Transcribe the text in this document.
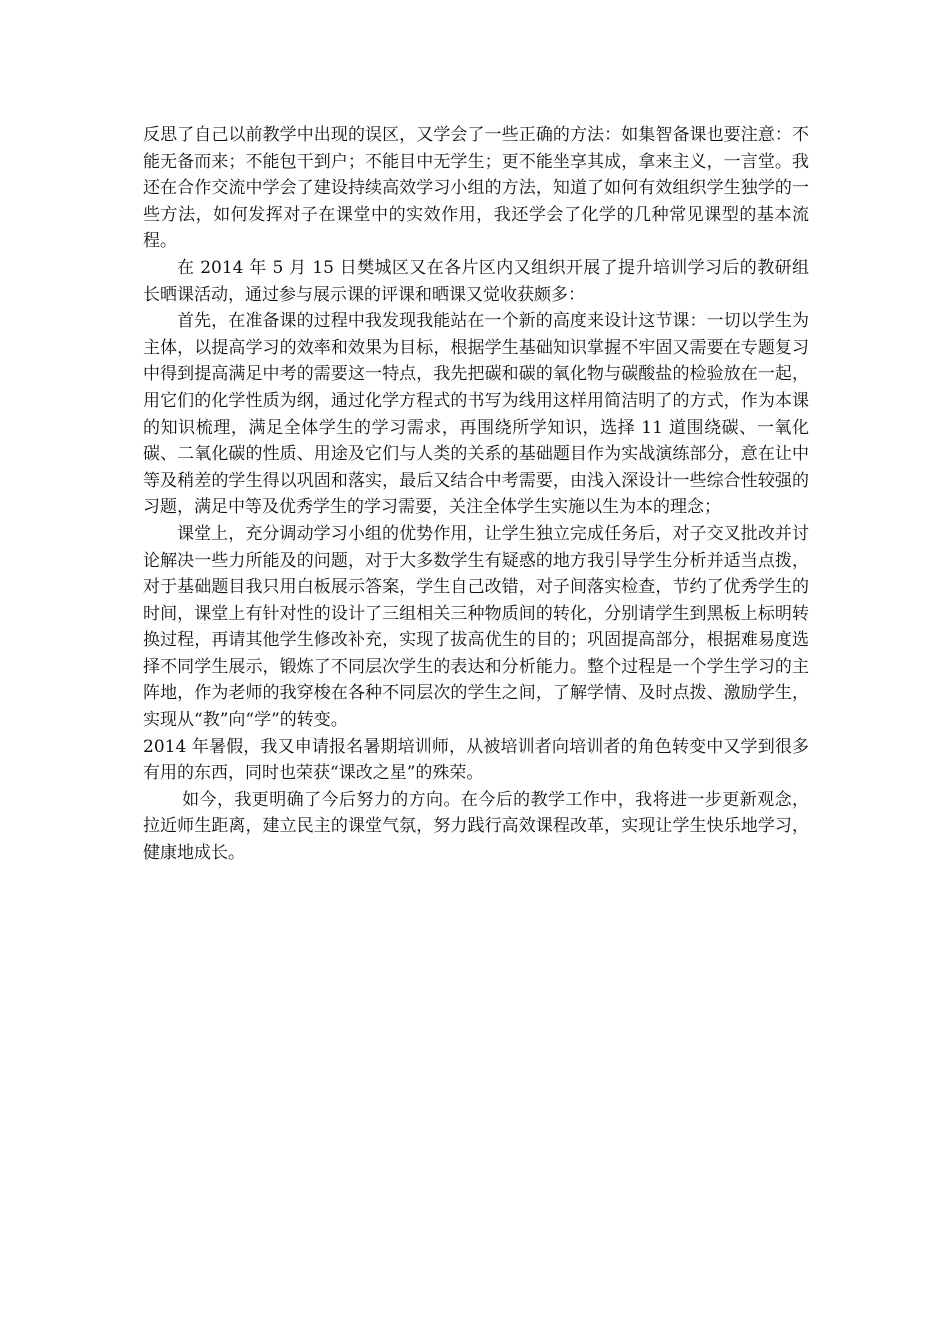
反思了自己以前教学中出现的误区，又学会了一些正确的方法：如集智备课也要注意：不能无备而来；不能包干到户；不能目中无学生；更不能坐享其成，拿来主义，一言堂。我还在合作交流中学会了建设持续高效学习小组的方法，知道了如何有效组织学生独学的一些方法，如何发挥对子在课堂中的实效作用，我还学会了化学的几种常见课型的基本流程。

在 2014 年 5 月 15 日樊城区又在各片区内又组织开展了提升培训学习后的教研组长晒课活动，通过参与展示课的评课和晒课又觉收获颇多：

首先，在准备课的过程中我发现我能站在一个新的高度来设计这节课：一切以学生为主体，以提高学习的效率和效果为目标，根据学生基础知识掌握不牢固又需要在专题复习中得到提高满足中考的需要这一特点，我先把碳和碳的氧化物与碳酸盐的检验放在一起，用它们的化学性质为纲，通过化学方程式的书写为线用这样用简洁明了的方式，作为本课的知识梳理，满足全体学生的学习需求，再围绕所学知识，选择 11 道围绕碳、一氧化碳、二氧化碳的性质、用途及它们与人类的关系的基础题目作为实战演练部分，意在让中等及稍差的学生得以巩固和落实，最后又结合中考需要，由浅入深设计一些综合性较强的习题，满足中等及优秀学生的学习需要，关注全体学生实施以生为本的理念；

课堂上，充分调动学习小组的优势作用，让学生独立完成任务后，对子交叉批改并讨论解决一些力所能及的问题，对于大多数学生有疑惑的地方我引导学生分析并适当点拨，对于基础题目我只用白板展示答案，学生自己改错，对子间落实检查，节约了优秀学生的时间，课堂上有针对性的设计了三组相关三种物质间的转化，分别请学生到黑板上标明转换过程，再请其他学生修改补充，实现了拔高优生的目的；巩固提高部分，根据难易度选择不同学生展示，锻炼了不同层次学生的表达和分析能力。整个过程是一个学生学习的主阵地，作为老师的我穿梭在各种不同层次的学生之间，了解学情、及时点拨、激励学生，实现从“教”向“学”的转变。

2014 年暑假，我又申请报名暑期培训师，从被培训者向培训者的角色转变中又学到很多有用的东西，同时也荣获“课改之星”的殊荣。

如今，我更明确了今后努力的方向。在今后的教学工作中，我将进一步更新观念，拉近师生距离，建立民主的课堂气氛，努力践行高效课程改革，实现让学生快乐地学习，健康地成长。
